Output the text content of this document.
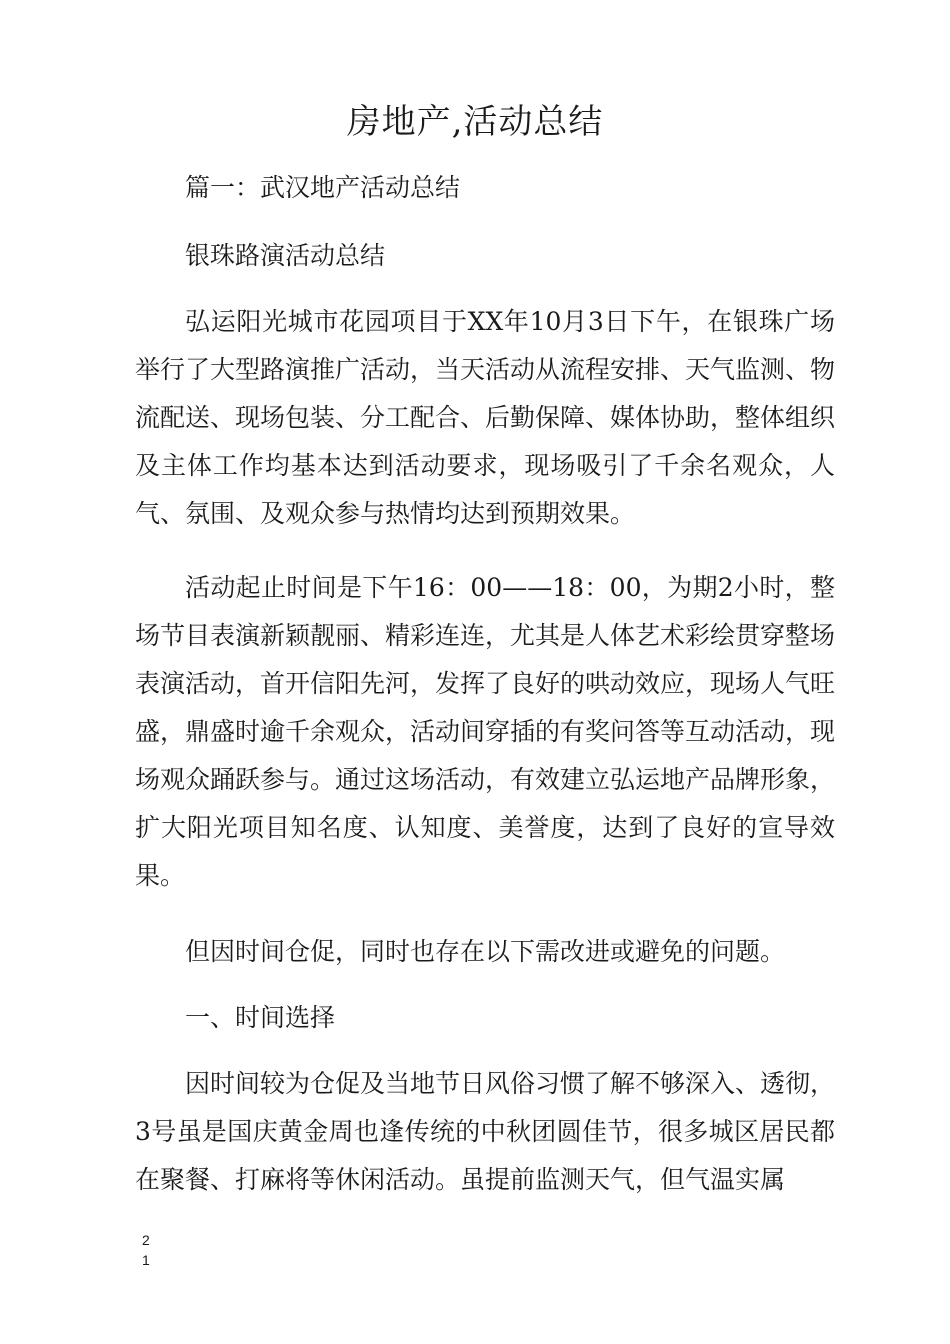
房地产,活动总结

篇一：武汉地产活动总结

银珠路演活动总结

弘运阳光城市花园项目于XX年10月3日下午，在银珠广场举行了大型路演推广活动，当天活动从流程安排、天气监测、物流配送、现场包装、分工配合、后勤保障、媒体协助，整体组织及主体工作均基本达到活动要求，现场吸引了千余名观众，人气、氛围、及观众参与热情均达到预期效果。

活动起止时间是下午16：00——18：00，为期2小时，整场节目表演新颖靓丽、精彩连连，尤其是人体艺术彩绘贯穿整场表演活动，首开信阳先河，发挥了良好的哄动效应，现场人气旺盛，鼎盛时逾千余观众，活动间穿插的有奖问答等互动活动，现场观众踊跃参与。通过这场活动，有效建立弘运地产品牌形象，扩大阳光项目知名度、认知度、美誉度，达到了良好的宣导效果。

但因时间仓促，同时也存在以下需改进或避免的问题。

一、时间选择

因时间较为仓促及当地节日风俗习惯了解不够深入、透彻，3号虽是国庆黄金周也逢传统的中秋团圆佳节，很多城区居民都在聚餐、打麻将等休闲活动。虽提前监测天气，但气温实属

2
1
